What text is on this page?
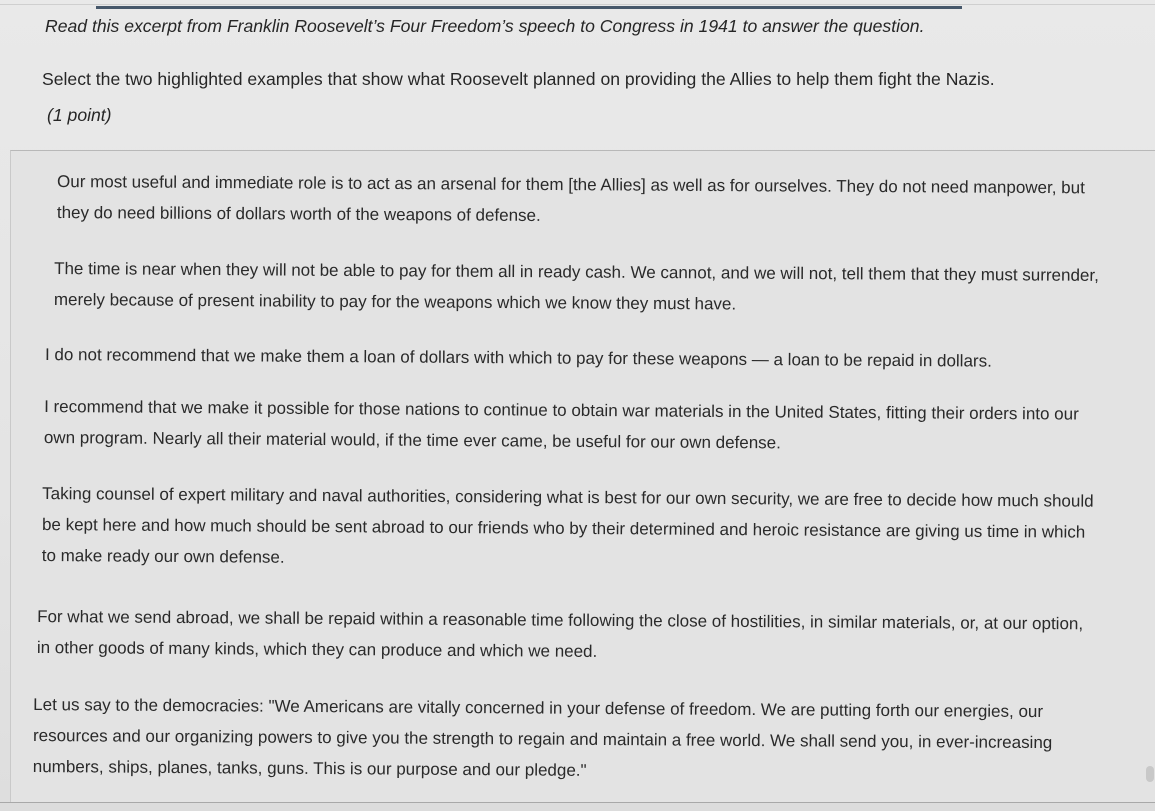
Read this excerpt from Franklin Roosevelt’s Four Freedom’s speech to Congress in 1941 to answer the question.
Select the two highlighted examples that show what Roosevelt planned on providing the Allies to help them fight the Nazis.
(1 point)
Our most useful and immediate role is to act as an arsenal for them [the Allies] as well as for ourselves. They do not need manpower, but
they do need billions of dollars worth of the weapons of defense.
The time is near when they will not be able to pay for them all in ready cash. We cannot, and we will not, tell them that they must surrender,
merely because of present inability to pay for the weapons which we know they must have.
I do not recommend that we make them a loan of dollars with which to pay for these weapons — a loan to be repaid in dollars.
I recommend that we make it possible for those nations to continue to obtain war materials in the United States, fitting their orders into our
own program. Nearly all their material would, if the time ever came, be useful for our own defense.
Taking counsel of expert military and naval authorities, considering what is best for our own security, we are free to decide how much should
be kept here and how much should be sent abroad to our friends who by their determined and heroic resistance are giving us time in which
to make ready our own defense.
For what we send abroad, we shall be repaid within a reasonable time following the close of hostilities, in similar materials, or, at our option,
in other goods of many kinds, which they can produce and which we need.
Let us say to the democracies: "We Americans are vitally concerned in your defense of freedom. We are putting forth our energies, our
resources and our organizing powers to give you the strength to regain and maintain a free world. We shall send you, in ever-increasing
numbers, ships, planes, tanks, guns. This is our purpose and our pledge."
